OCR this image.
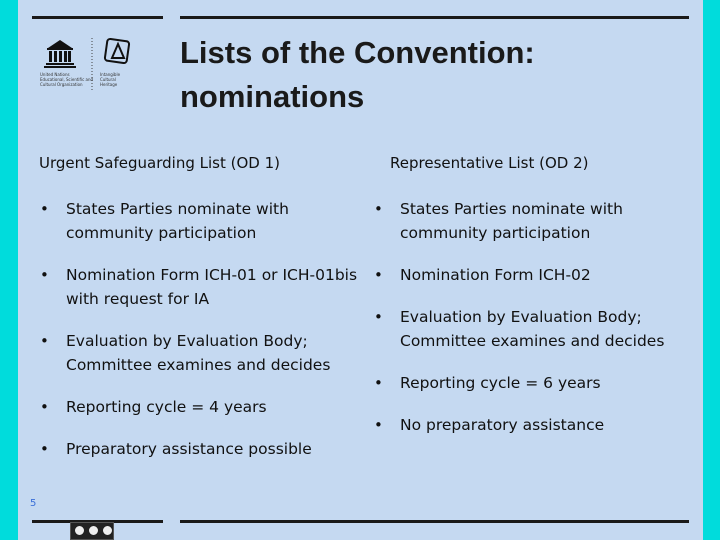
United Nations
Educational, Scientific and
Cultural Organization
Intangible
Cultural
Heritage
Lists of the Convention:
nominations
Urgent Safeguarding List (OD 1)	Representative List (OD 2)
• States Parties nominate with community participation
• Nomination Form ICH-01 or ICH-01bis with request for IA
• Evaluation by Evaluation Body; Committee examines and decides
• Reporting cycle = 4 years
• Preparatory assistance possible
• States Parties nominate with community participation
• Nomination Form ICH-02
• Evaluation by Evaluation Body; Committee examines and decides
• Reporting cycle = 6 years
• No preparatory assistance
5
